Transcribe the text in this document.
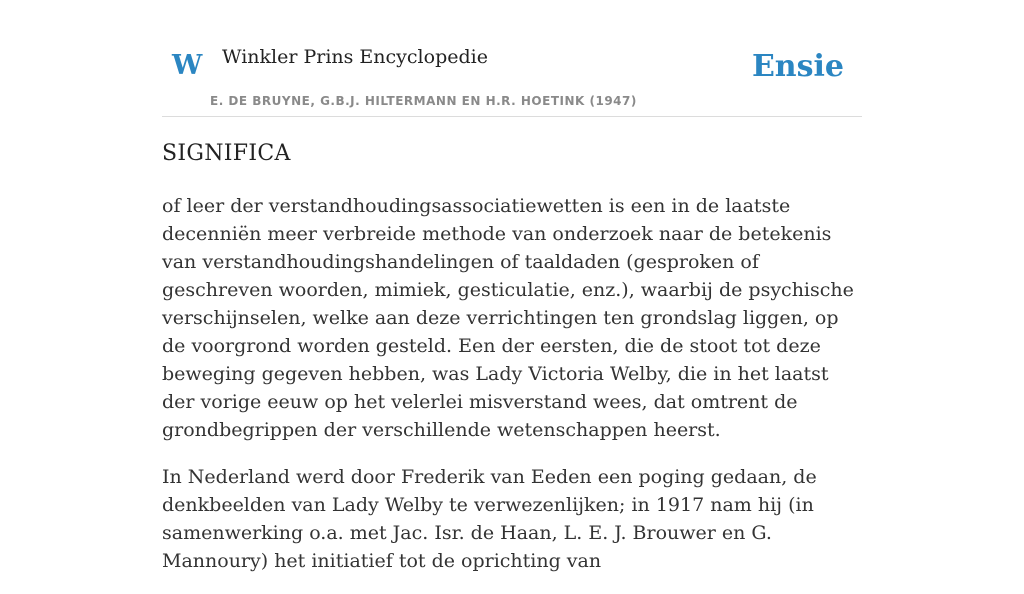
W Winkler Prins Encyclopedie
E. DE BRUYNE, G.B.J. HILTERMANN EN H.R. HOETINK (1947)
Ensie
SIGNIFICA

of leer der verstandhoudingsassociatiewetten is een in de laatste decenniën meer verbreide methode van onderzoek naar de betekenis van verstandhoudingshandelingen of taaldaden (gesproken of geschreven woorden, mimiek, gesticulatie, enz.), waarbij de psychische verschijnselen, welke aan deze verrichtingen ten grondslag liggen, op de voorgrond worden gesteld. Een der eersten, die de stoot tot deze beweging gegeven hebben, was Lady Victoria Welby, die in het laatst der vorige eeuw op het velerlei misverstand wees, dat omtrent de grondbegrippen der verschillende wetenschappen heerst.

In Nederland werd door Frederik van Eeden een poging gedaan, de denkbeelden van Lady Welby te verwezenlijken; in 1917 nam hij (in samenwerking o.a. met Jac. Isr. de Haan, L. E. J. Brouwer en G. Mannoury) het initiatief tot de oprichting van
